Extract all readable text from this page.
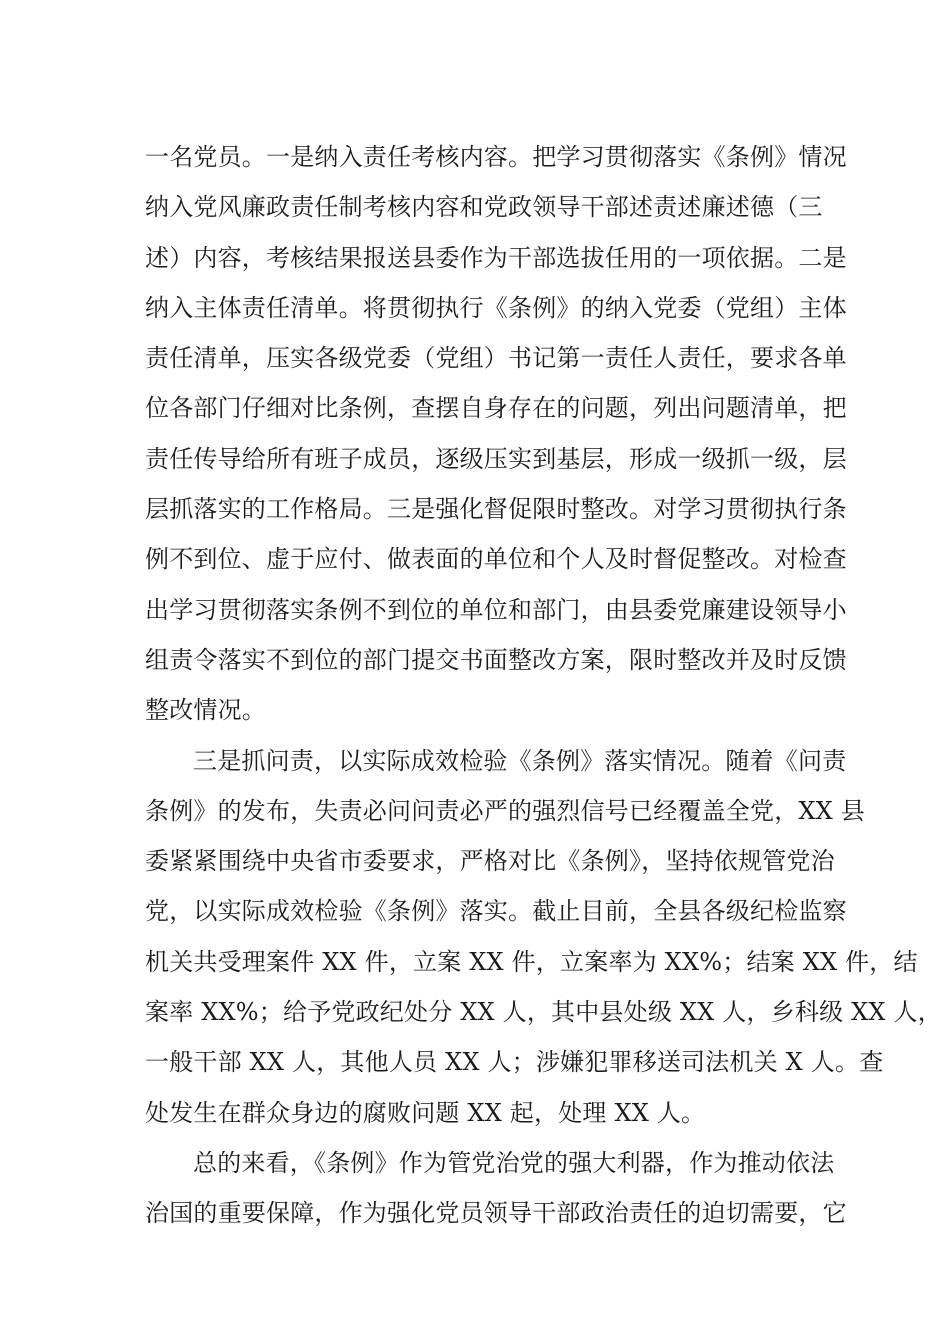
一名党员。一是纳入责任考核内容。把学习贯彻落实《条例》情况
纳入党风廉政责任制考核内容和党政领导干部述责述廉述德（三
述）内容，考核结果报送县委作为干部选拔任用的一项依据。二是
纳入主体责任清单。将贯彻执行《条例》的纳入党委（党组）主体
责任清单，压实各级党委（党组）书记第一责任人责任，要求各单
位各部门仔细对比条例，查摆自身存在的问题，列出问题清单，把
责任传导给所有班子成员，逐级压实到基层，形成一级抓一级，层
层抓落实的工作格局。三是强化督促限时整改。对学习贯彻执行条
例不到位、虚于应付、做表面的单位和个人及时督促整改。对检查
出学习贯彻落实条例不到位的单位和部门，由县委党廉建设领导小
组责令落实不到位的部门提交书面整改方案，限时整改并及时反馈
整改情况。
三是抓问责，以实际成效检验《条例》落实情况。随着《问责
条例》的发布，失责必问问责必严的强烈信号已经覆盖全党，XX 县
委紧紧围绕中央省市委要求，严格对比《条例》，坚持依规管党治
党，以实际成效检验《条例》落实。截止目前，全县各级纪检监察
机关共受理案件 XX 件，立案 XX 件，立案率为 XX%；结案 XX 件，结
案率 XX%；给予党政纪处分 XX 人，其中县处级 XX 人，乡科级 XX 人，
一般干部 XX 人，其他人员 XX 人；涉嫌犯罪移送司法机关 X 人。查
处发生在群众身边的腐败问题 XX 起，处理 XX 人。
总的来看，《条例》作为管党治党的强大利器，作为推动依法
治国的重要保障，作为强化党员领导干部政治责任的迫切需要，它
